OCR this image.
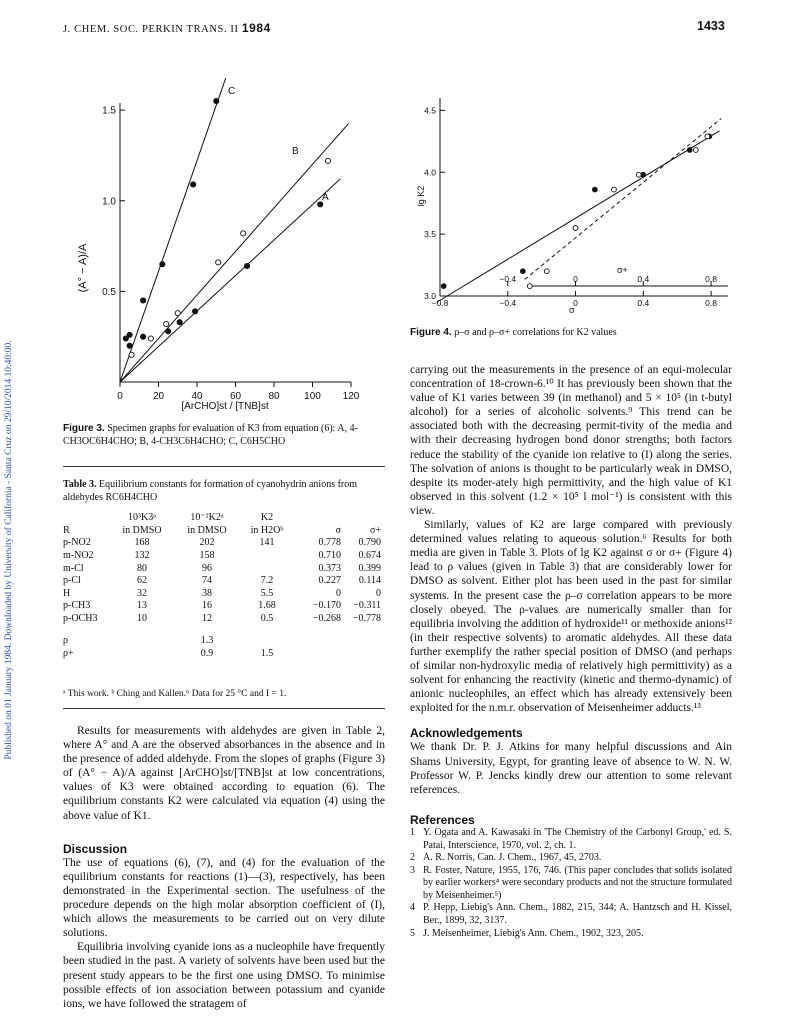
J. CHEM. SOC. PERKIN TRANS. II 1984	1433
Published on 01 January 1984. Downloaded by University of California - Santa Cruz on 29/10/2014 10:40:00.	0	20	40	60	80 100 120
0.5
1.0
1.5
(A° − A)/A
[ArCHO]st / [TNB]st
C
B
A
Figure 3. Specimen graphs for evaluation of K3 from equation (6): A, 4-CH3OC6H4CHO; B, 4-CH3C6H4CHO; C, C6H5CHO
Table 3. Equilibrium constants for formation of cyanohydrin anions from aldehydes RC6H4CHO
	10³K3ᵃ	10⁻²K2ᵃ	K2		
R	in DMSO	in DMSO	in H2Oᵇ	σ	σ+
p-NO2	168	202	141	0.778	0.790
m-NO2	132	158		0.710	0.674
m-Cl	80	96		0.373	0.399
p-Cl	62	74	7.2	0.227	0.114
H	32	38	5.5	0	0
p-CH3	13	16	1.68	−0.170	−0.311
p-OCH3	10	12	0.5	−0.268	−0.778

ρ		1.3			
ρ+		0.9	1.5		
ᵃ This work. ᵇ Ching and Kallen.⁶ Data for 25 °C and I = 1.

Results for measurements with aldehydes are given in Table 2, where A° and A are the observed absorbances in the absence and in the presence of added aldehyde. From the slopes of graphs (Figure 3) of (A° − A)/A against [ArCHO]st/[TNB]st at low concentrations, values of K3 were obtained according to equation (6). The equilibrium constants K2 were calculated via equation (4) using the above value of K1.

Discussion

The use of equations (6), (7), and (4) for the evaluation of the equilibrium constants for reactions (1)—(3), respectively, has been demonstrated in the Experimental section. The usefulness of the procedure depends on the high molar absorption coefficient of (I), which allows the measurements to be carried out on very dilute solutions.

Equilibria involving cyanide ions as a nucleophile have frequently been studied in the past. A variety of solvents have been used but the present study appears to be the first one using DMSO. To minimise possible effects of ion association between potassium and cyanide ions, we have followed the stratagem of

−0.8	−0.4	0	0.4	0.8
−0.4	0	0.4	0.8
3.0
3.5
4.0
4.5
lg K2
σ+
σ
Figure 4. ρ–σ and ρ–σ+ correlations for K2 values

carrying out the measurements in the presence of an equi-molecular concentration of 18-crown-6.¹⁰ It has previously been shown that the value of K1 varies between 39 (in methanol) and 5 × 10⁵ (in t-butyl alcohol) for a series of alcoholic solvents.⁹ This trend can be associated both with the decreasing permit-tivity of the media and with their decreasing hydrogen bond donor strengths; both factors reduce the stability of the cyanide ion relative to (I) along the series. The solvation of anions is thought to be particularly weak in DMSO, despite its moder-ately high permittivity, and the high value of K1 observed in this solvent (1.2 × 10⁵ l mol⁻¹) is consistent with this view.

Similarly, values of K2 are large compared with previously determined values relating to aqueous solution.⁶ Results for both media are given in Table 3. Plots of lg K2 against σ or σ+ (Figure 4) lead to ρ values (given in Table 3) that are considerably lower for DMSO as solvent. Either plot has been used in the past for similar systems. In the present case the ρ–σ correlation appears to be more closely obeyed. The ρ-values are numerically smaller than for equilibria involving the addition of hydroxide¹¹ or methoxide anions¹² (in their respective solvents) to aromatic aldehydes. All these data further exemplify the rather special position of DMSO (and perhaps of similar non-hydroxylic media of relatively high permittivity) as a solvent for enhancing the reactivity (kinetic and thermo-dynamic) of anionic nucleophiles, an effect which has already extensively been exploited for the n.m.r. observation of Meisenheimer adducts.¹³

Acknowledgements

We thank Dr. P. J. Atkins for many helpful discussions and Ain Shams University, Egypt, for granting leave of absence to W. N. W. Professor W. P. Jencks kindly drew our attention to some relevant references.

References
1 Y. Ogata and A. Kawasaki in 'The Chemistry of the Carbonyl Group,' ed. S. Patai, Interscience, 1970, vol. 2, ch. 1.
2 A. R. Norris, Can. J. Chem., 1967, 45, 2703.
3 R. Foster, Nature, 1955, 176, 746. (This paper concludes that solids isolated by earlier workers⁴ were secondary products and not the structure formulated by Meisenheimer.⁵)
4 P. Hepp, Liebig's Ann. Chem., 1882, 215, 344; A. Hantzsch and H. Kissel, Ber., 1899, 32, 3137.
5 J. Meisenheimer, Liebig's Ann. Chem., 1902, 323, 205.
